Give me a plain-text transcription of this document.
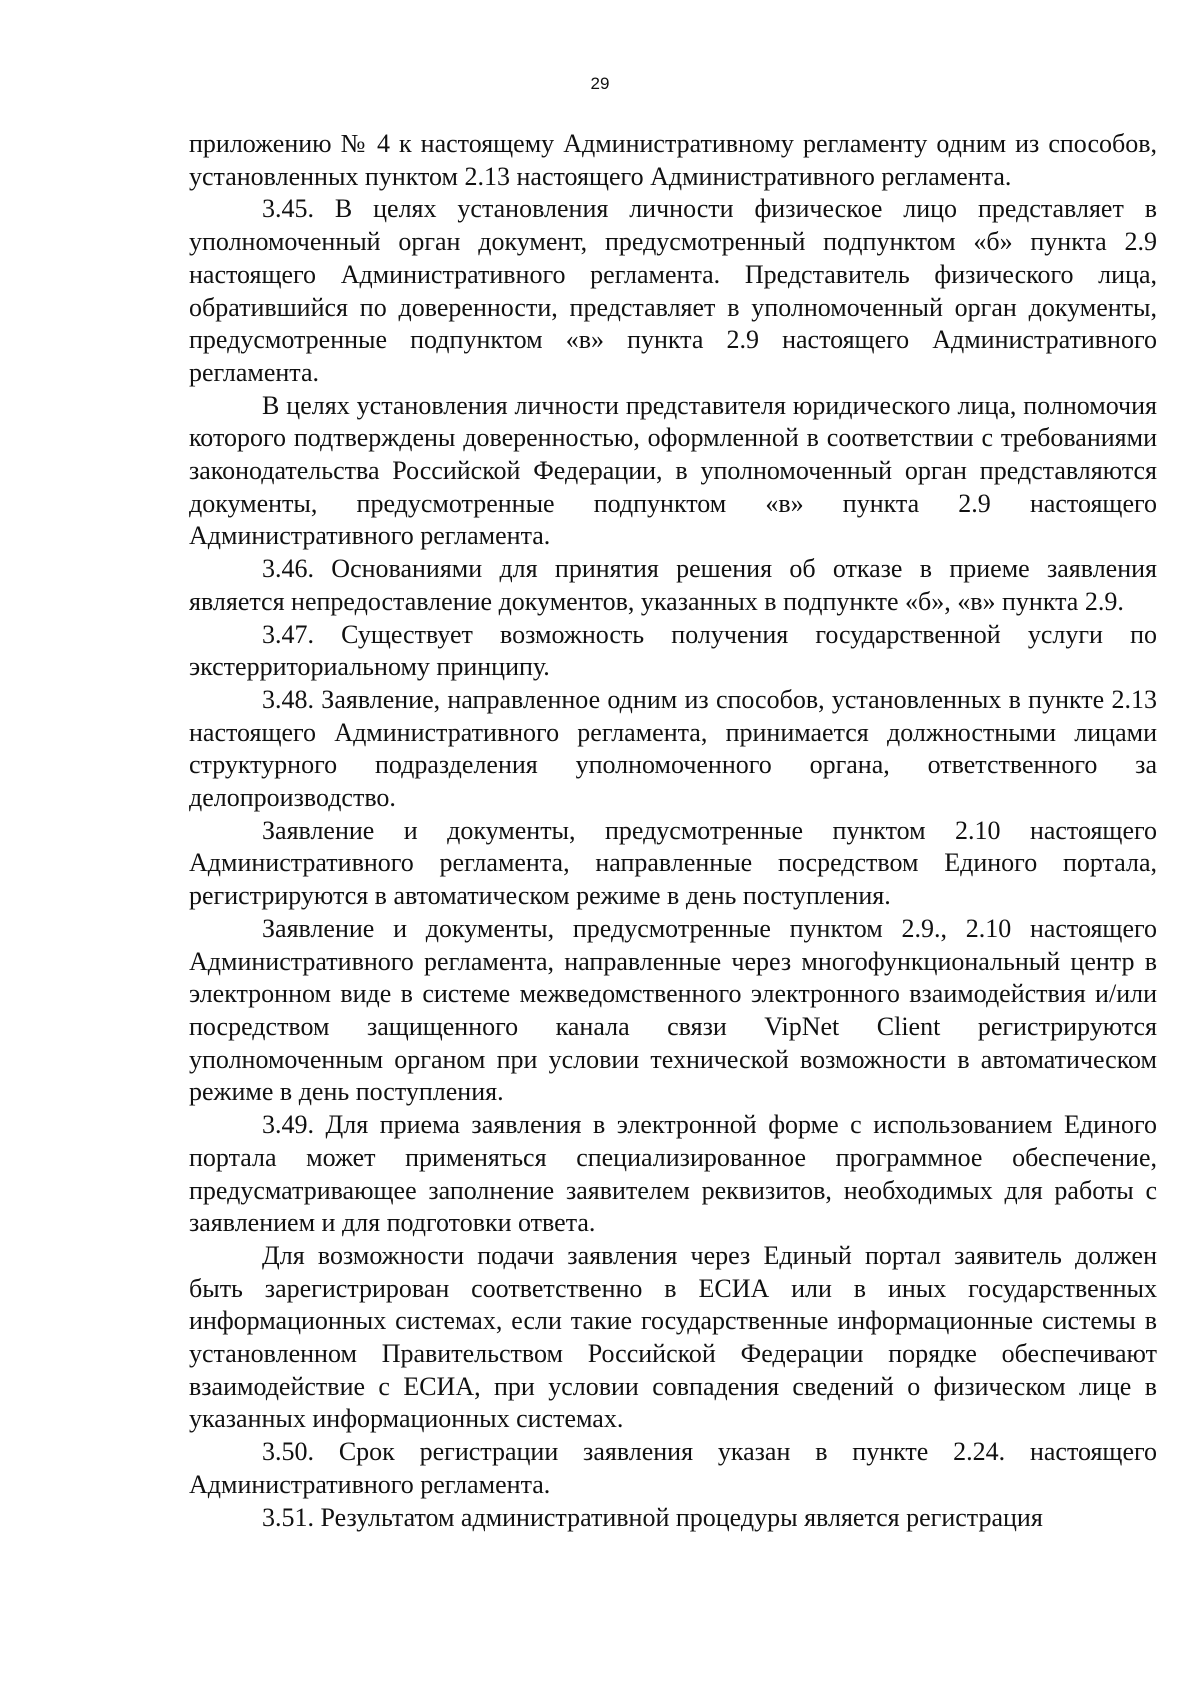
29

приложению № 4 к настоящему Административному регламенту одним из способов, установленных пунктом 2.13 настоящего Административного регламента.

3.45. В целях установления личности физическое лицо представляет в уполномоченный орган документ, предусмотренный подпунктом «б» пункта 2.9 настоящего Административного регламента. Представитель физического лица, обратившийся по доверенности, представляет в уполномоченный орган документы, предусмотренные подпунктом «в» пункта 2.9 настоящего Административного регламента.

В целях установления личности представителя юридического лица, полномочия которого подтверждены доверенностью, оформленной в соответствии с требованиями законодательства Российской Федерации, в уполномоченный орган представляются документы, предусмотренные подпунктом «в» пункта 2.9 настоящего Административного регламента.

3.46. Основаниями для принятия решения об отказе в приеме заявления является непредоставление документов, указанных в подпункте «б», «в» пункта 2.9.

3.47. Существует возможность получения государственной услуги по экстерриториальному принципу.

3.48. Заявление, направленное одним из способов, установленных в пункте 2.13 настоящего Административного регламента, принимается должностными лицами структурного подразделения уполномоченного органа, ответственного за делопроизводство.

Заявление и документы, предусмотренные пунктом 2.10 настоящего Административного регламента, направленные посредством Единого портала, регистрируются в автоматическом режиме в день поступления.

Заявление и документы, предусмотренные пунктом 2.9., 2.10 настоящего Административного регламента, направленные через многофункциональный центр в электронном виде в системе межведомственного электронного взаимодействия и/или посредством защищенного канала связи VipNet Client регистрируются уполномоченным органом при условии технической возможности в автоматическом режиме в день поступления.

3.49. Для приема заявления в электронной форме с использованием Единого портала может применяться специализированное программное обеспечение, предусматривающее заполнение заявителем реквизитов, необходимых для работы с заявлением и для подготовки ответа.

Для возможности подачи заявления через Единый портал заявитель должен быть зарегистрирован соответственно в ЕСИА или в иных государственных информационных системах, если такие государственные информационные системы в установленном Правительством Российской Федерации порядке обеспечивают взаимодействие с ЕСИА, при условии совпадения сведений о физическом лице в указанных информационных системах.

3.50. Срок регистрации заявления указан в пункте 2.24. настоящего Административного регламента.

3.51. Результатом административной процедуры является регистрация
